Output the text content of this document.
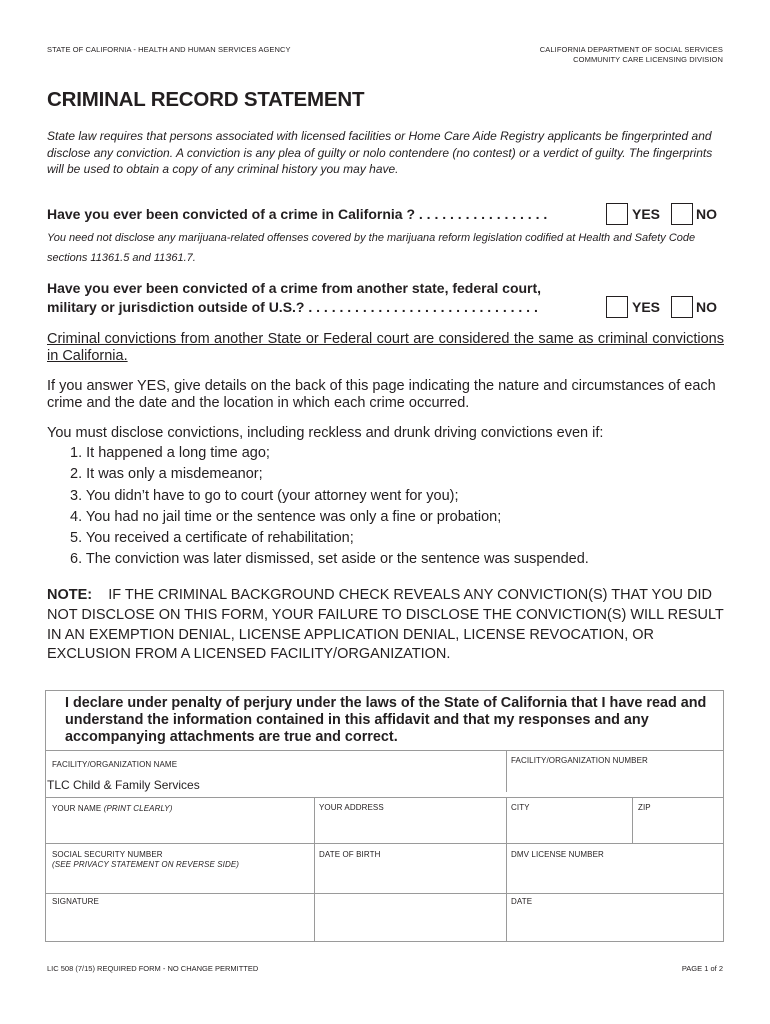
STATE OF CALIFORNIA - HEALTH AND HUMAN SERVICES AGENCY	CALIFORNIA DEPARTMENT OF SOCIAL SERVICES
COMMUNITY CARE LICENSING DIVISION
CRIMINAL RECORD STATEMENT
State law requires that persons associated with licensed facilities or Home Care Aide Registry applicants be fingerprinted and disclose any conviction. A conviction is any plea of guilty or nolo contendere (no contest) or a verdict of guilty. The fingerprints will be used to obtain a copy of any criminal history you may have.
Have you ever been convicted of a crime in California ? . . . . . . . . . . . . . . . . .	YES	NO
You need not disclose any marijuana-related offenses covered by the marijuana reform legislation codified at Health and Safety Code
sections 11361.5 and 11361.7.
Have you ever been convicted of a crime from another state, federal court,
military or jurisdiction outside of U.S.? . . . . . . . . . . . . . . . . . . . . . . . . . . . . . .	YES	NO
Criminal convictions from another State or Federal court are considered the same as criminal convictions in California.
If you answer YES, give details on the back of this page indicating the nature and circumstances of each crime and the date and the location in which each crime occurred.
You must disclose convictions, including reckless and drunk driving convictions even if:
1. It happened a long time ago;
2. It was only a misdemeanor;
3. You didn’t have to go to court (your attorney went for you);
4. You had no jail time or the sentence was only a fine or probation;
5. You received a certificate of rehabilitation;
6. The conviction was later dismissed, set aside or the sentence was suspended.
NOTE: IF THE CRIMINAL BACKGROUND CHECK REVEALS ANY CONVICTION(S) THAT YOU DID NOT DISCLOSE ON THIS FORM, YOUR FAILURE TO DISCLOSE THE CONVICTION(S) WILL RESULT IN AN EXEMPTION DENIAL, LICENSE APPLICATION DENIAL, LICENSE REVOCATION, OR EXCLUSION FROM A LICENSED FACILITY/ORGANIZATION.
I declare under penalty of perjury under the laws of the State of California that I have read and understand the information contained in this affidavit and that my responses and any accompanying attachments are true and correct.
FACILITY/ORGANIZATION NAME
TLC Child & Family Services
FACILITY/ORGANIZATION NUMBER
YOUR NAME (PRINT CLEARLY)	YOUR ADDRESS	CITY	ZIP
SOCIAL SECURITY NUMBER
(SEE PRIVACY STATEMENT ON REVERSE SIDE)
DATE OF BIRTH	DMV LICENSE NUMBER
SIGNATURE	DATE
LIC 508 (7/15) REQUIRED FORM - NO CHANGE PERMITTED	PAGE 1 of 2
